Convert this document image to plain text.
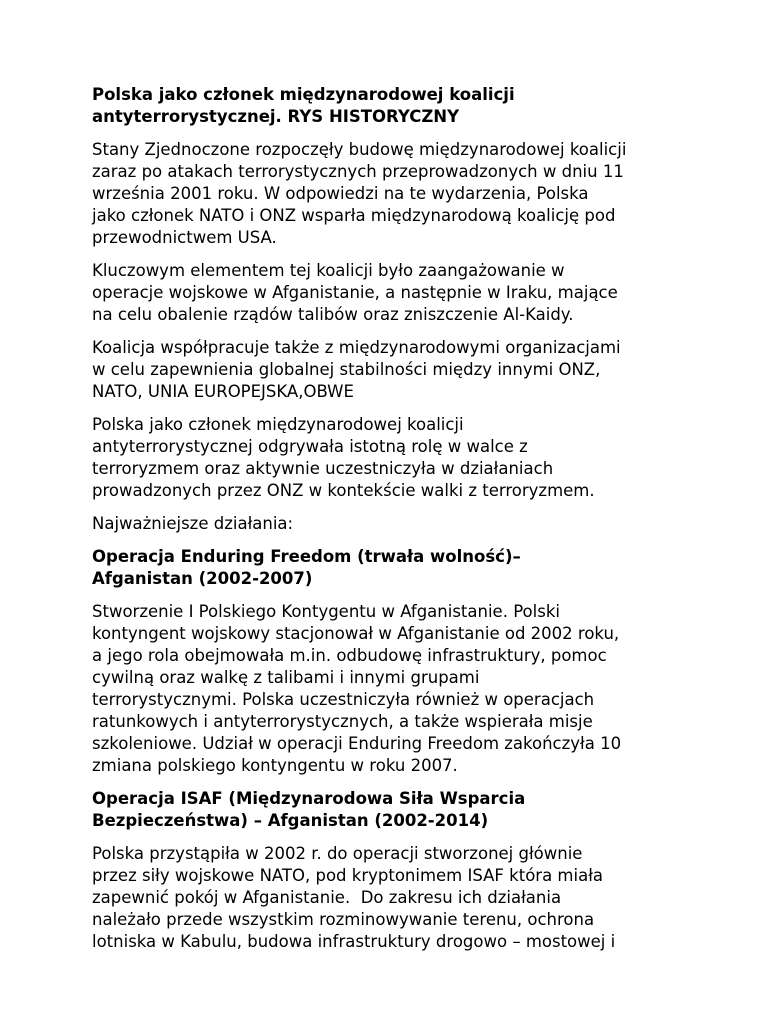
Polska jako członek międzynarodowej koalicji
antyterrorystycznej. RYS HISTORYCZNY
Stany Zjednoczone rozpoczęły budowę międzynarodowej koalicji
zaraz po atakach terrorystycznych przeprowadzonych w dniu 11
września 2001 roku. W odpowiedzi na te wydarzenia, Polska
jako członek NATO i ONZ wsparła międzynarodową koalicję pod
przewodnictwem USA.
Kluczowym elementem tej koalicji było zaangażowanie w
operacje wojskowe w Afganistanie, a następnie w Iraku, mające
na celu obalenie rządów talibów oraz zniszczenie Al-Kaidy.
Koalicja współpracuje także z międzynarodowymi organizacjami
w celu zapewnienia globalnej stabilności między innymi ONZ,
NATO, UNIA EUROPEJSKA,OBWE
Polska jako członek międzynarodowej koalicji
antyterrorystycznej odgrywała istotną rolę w walce z
terroryzmem oraz aktywnie uczestniczyła w działaniach
prowadzonych przez ONZ w kontekście walki z terroryzmem.
Najważniejsze działania:
Operacja Enduring Freedom (trwała wolność)–
Afganistan (2002-2007)
Stworzenie I Polskiego Kontygentu w Afganistanie. Polski
kontyngent wojskowy stacjonował w Afganistanie od 2002 roku,
a jego rola obejmowała m.in. odbudowę infrastruktury, pomoc
cywilną oraz walkę z talibami i innymi grupami
terrorystycznymi. Polska uczestniczyła również w operacjach
ratunkowych i antyterrorystycznych, a także wspierała misje
szkoleniowe. Udział w operacji Enduring Freedom zakończyła 10
zmiana polskiego kontyngentu w roku 2007.
Operacja ISAF (Międzynarodowa Siła Wsparcia
Bezpieczeństwa) – Afganistan (2002-2014)
Polska przystąpiła w 2002 r. do operacji stworzonej głównie
przez siły wojskowe NATO, pod kryptonimem ISAF która miała
zapewnić pokój w Afganistanie.  Do zakresu ich działania
należało przede wszystkim rozminowywanie terenu, ochrona
lotniska w Kabulu, budowa infrastruktury drogowo – mostowej i
